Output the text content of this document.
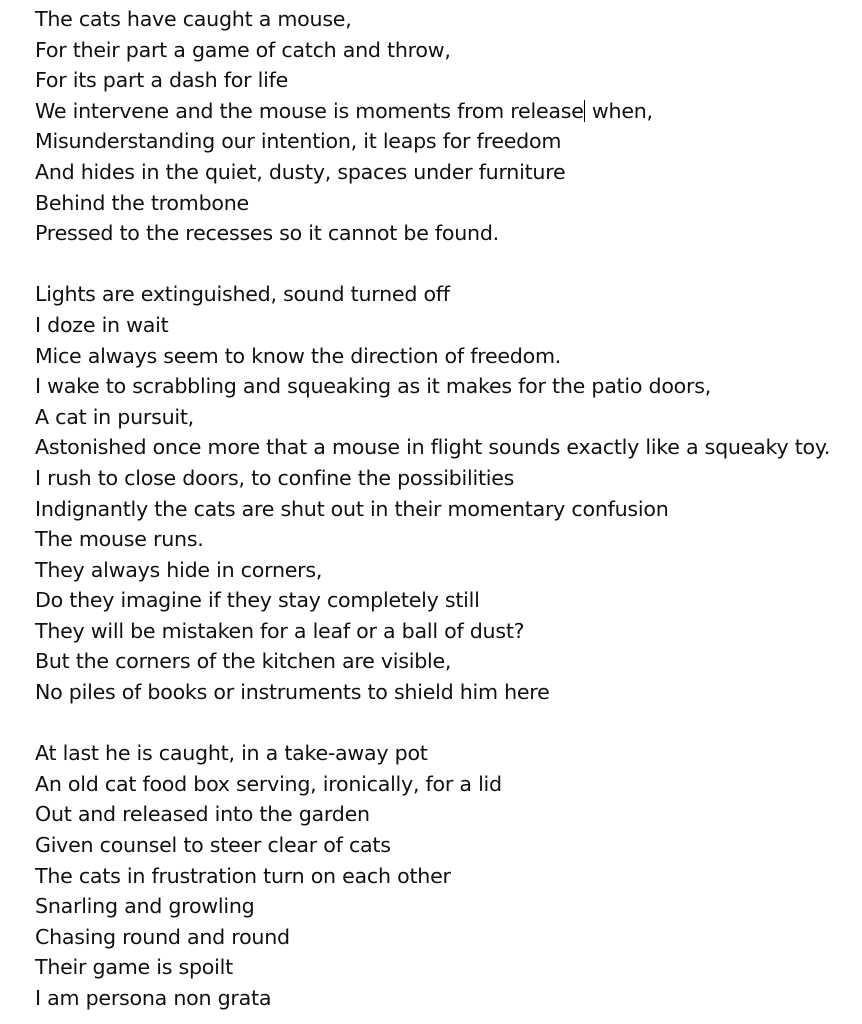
The cats have caught a mouse,
For their part a game of catch and throw,
For its part a dash for life
We intervene and the mouse is moments from release when,
Misunderstanding our intention, it leaps for freedom
And hides in the quiet, dusty, spaces under furniture
Behind the trombone
Pressed to the recesses so it cannot be found.
Lights are extinguished, sound turned off
I doze in wait
Mice always seem to know the direction of freedom.
I wake to scrabbling and squeaking as it makes for the patio doors,
A cat in pursuit,
Astonished once more that a mouse in flight sounds exactly like a squeaky toy.
I rush to close doors, to confine the possibilities
Indignantly the cats are shut out in their momentary confusion
The mouse runs.
They always hide in corners,
Do they imagine if they stay completely still
They will be mistaken for a leaf or a ball of dust?
But the corners of the kitchen are visible,
No piles of books or instruments to shield him here
At last he is caught, in a take-away pot
An old cat food box serving, ironically, for a lid
Out and released into the garden
Given counsel to steer clear of cats
The cats in frustration turn on each other
Snarling and growling
Chasing round and round
Their game is spoilt
I am persona non grata
